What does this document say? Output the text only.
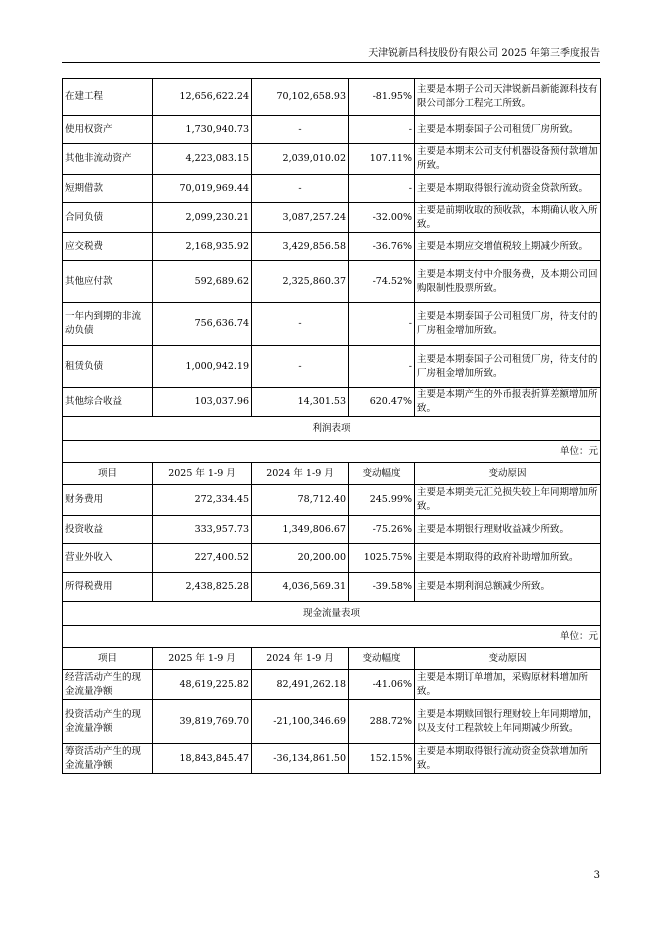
天津锐新昌科技股份有限公司 2025 年第三季度报告
在建工程	12,656,622.24	70,102,658.93	-81.95%	主要是本期子公司天津锐新昌新能源科技有限公司部分工程完工所致。
使用权资产	1,730,940.73	-	-	主要是本期泰国子公司租赁厂房所致。
其他非流动资产	4,223,083.15	2,039,010.02	107.11%	主要是本期末公司支付机器设备预付款增加所致。
短期借款	70,019,969.44	-	-	主要是本期取得银行流动资金贷款所致。
合同负债	2,099,230.21	3,087,257.24	-32.00%	主要是前期收取的预收款，本期确认收入所致。
应交税费	2,168,935.92	3,429,856.58	-36.76%	主要是本期应交增值税较上期减少所致。
其他应付款	592,689.62	2,325,860.37	-74.52%	主要是本期支付中介服务费，及本期公司回购限制性股票所致。
一年内到期的非流动负债	756,636.74	-	-	主要是本期泰国子公司租赁厂房，待支付的厂房租金增加所致。
租赁负债	1,000,942.19	-	-	主要是本期泰国子公司租赁厂房，待支付的厂房租金增加所致。
其他综合收益	103,037.96	14,301.53	620.47%	主要是本期产生的外币报表折算差额增加所致。
利润表项				
单位：元				
项目	2025 年 1-9 月	2024 年 1-9 月	变动幅度	变动原因
财务费用	272,334.45	78,712.40	245.99%	主要是本期美元汇兑损失较上年同期增加所致。
投资收益	333,957.73	1,349,806.67	-75.26%	主要是本期银行理财收益减少所致。
营业外收入	227,400.52	20,200.00	1025.75%	主要是本期取得的政府补助增加所致。
所得税费用	2,438,825.28	4,036,569.31	-39.58%	主要是本期利润总额减少所致。
现金流量表项				
单位：元				
项目	2025 年 1-9 月	2024 年 1-9 月	变动幅度	变动原因
经营活动产生的现金流量净额	48,619,225.82	82,491,262.18	-41.06%	主要是本期订单增加，采购原材料增加所致。
投资活动产生的现金流量净额	39,819,769.70	-21,100,346.69	288.72%	主要是本期赎回银行理财较上年同期增加，以及支付工程款较上年同期减少所致。
筹资活动产生的现金流量净额	18,843,845.47	-36,134,861.50	152.15%	主要是本期取得银行流动资金贷款增加所致。
3
